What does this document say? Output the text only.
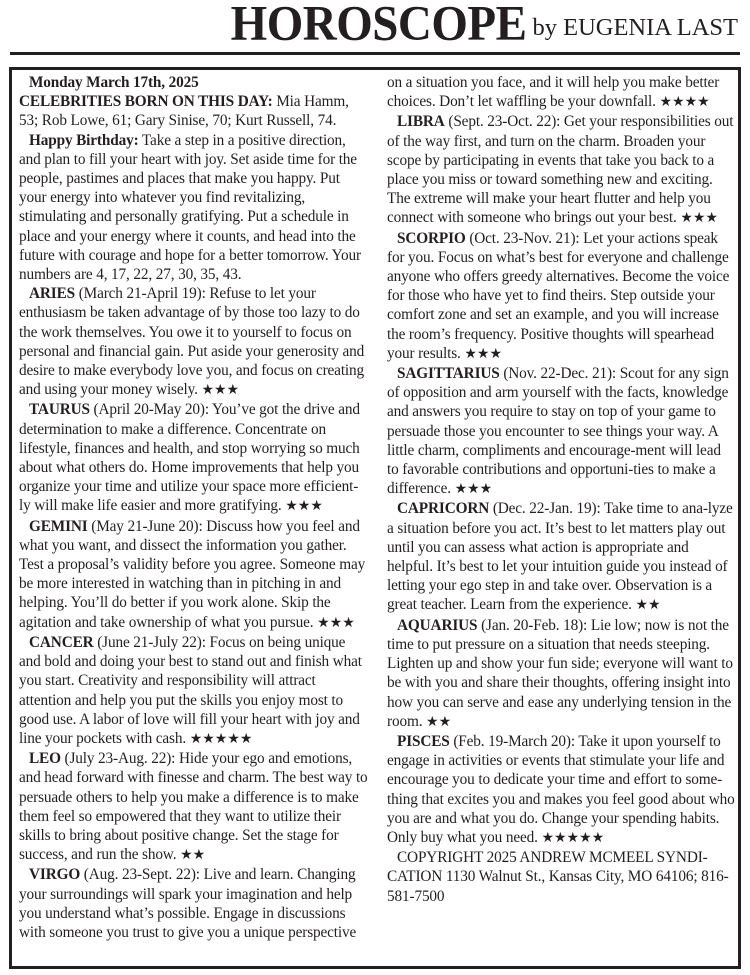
HOROSCOPE by EUGENIA LAST

Monday March 17th, 2025

CELEBRITIES BORN ON THIS DAY: Mia Hamm, 53; Rob Lowe, 61; Gary Sinise, 70; Kurt Russell, 74.

Happy Birthday: Take a step in a positive direction, and plan to fill your heart with joy. Set aside time for the people, pastimes and places that make you happy. Put your energy into whatever you find revitalizing, stimulating and personally gratifying. Put a schedule in place and your energy where it counts, and head into the future with courage and hope for a better tomorrow. Your numbers are 4, 17, 22, 27, 30, 35, 43.

ARIES (March 21-April 19): Refuse to let your enthusiasm be taken advantage of by those too lazy to do the work themselves. You owe it to yourself to focus on personal and financial gain. Put aside your generosity and desire to make everybody love you, and focus on creating and using your money wisely. ★★★

TAURUS (April 20-May 20): You’ve got the drive and determination to make a difference. Concentrate on lifestyle, finances and health, and stop worrying so much about what others do. Home improvements that help you organize your time and utilize your space more efficient-ly will make life easier and more gratifying. ★★★

GEMINI (May 21-June 20): Discuss how you feel and what you want, and dissect the information you gather. Test a proposal’s validity before you agree. Someone may be more interested in watching than in pitching in and helping. You’ll do better if you work alone. Skip the agitation and take ownership of what you pursue. ★★★

CANCER (June 21-July 22): Focus on being unique and bold and doing your best to stand out and finish what you start. Creativity and responsibility will attract attention and help you put the skills you enjoy most to good use. A labor of love will fill your heart with joy and line your pockets with cash. ★★★★★

LEO (July 23-Aug. 22): Hide your ego and emotions, and head forward with finesse and charm. The best way to persuade others to help you make a difference is to make them feel so empowered that they want to utilize their skills to bring about positive change. Set the stage for success, and run the show. ★★

VIRGO (Aug. 23-Sept. 22): Live and learn. Changing your surroundings will spark your imagination and help you understand what’s possible. Engage in discussions with someone you trust to give you a unique perspective

on a situation you face, and it will help you make better choices. Don’t let waffling be your downfall. ★★★★

LIBRA (Sept. 23-Oct. 22): Get your responsibilities out of the way first, and turn on the charm. Broaden your scope by participating in events that take you back to a place you miss or toward something new and exciting. The extreme will make your heart flutter and help you connect with someone who brings out your best. ★★★

SCORPIO (Oct. 23-Nov. 21): Let your actions speak for you. Focus on what’s best for everyone and challenge anyone who offers greedy alternatives. Become the voice for those who have yet to find theirs. Step outside your comfort zone and set an example, and you will increase the room’s frequency. Positive thoughts will spearhead your results. ★★★

SAGITTARIUS (Nov. 22-Dec. 21): Scout for any sign of opposition and arm yourself with the facts, knowledge and answers you require to stay on top of your game to persuade those you encounter to see things your way. A little charm, compliments and encourage-ment will lead to favorable contributions and opportuni-ties to make a difference. ★★★

CAPRICORN (Dec. 22-Jan. 19): Take time to ana-lyze a situation before you act. It’s best to let matters play out until you can assess what action is appropriate and helpful. It’s best to let your intuition guide you instead of letting your ego step in and take over. Observation is a great teacher. Learn from the experience. ★★

AQUARIUS (Jan. 20-Feb. 18): Lie low; now is not the time to put pressure on a situation that needs steeping. Lighten up and show your fun side; everyone will want to be with you and share their thoughts, offering insight into how you can serve and ease any underlying tension in the room. ★★

PISCES (Feb. 19-March 20): Take it upon yourself to engage in activities or events that stimulate your life and encourage you to dedicate your time and effort to some-thing that excites you and makes you feel good about who you are and what you do. Change your spending habits. Only buy what you need. ★★★★★

COPYRIGHT 2025 ANDREW MCMEEL SYNDI-CATION 1130 Walnut St., Kansas City, MO 64106; 816-581-7500
